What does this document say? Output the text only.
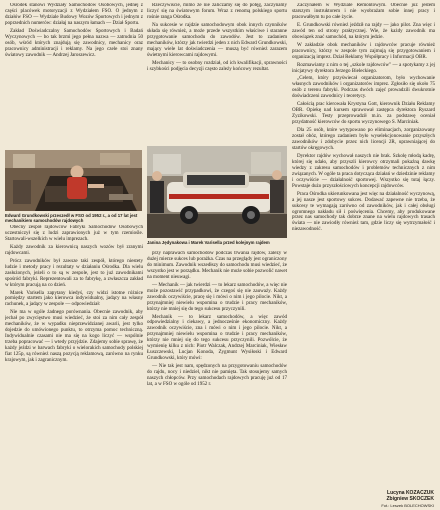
Ośrodek stanowi Wydziały Samochodów Osobowych, jednej z części placówek motoryzacji z Wydziałem FSO. O jednym z działów FSO — Wydziale Budowy Wozów Sportowych i jednym z poprzednich numerów: działaj na naszym łamach — Dział Sportu.

Zakład Doświadczalny Samochodów Sportowych i Badań Wyczynowych — bo tak brzmi jego pełna nazwa — zatrudnia 50 osób, wśród których znajdują się zawodnicy, mechanicy oraz pracownicy administracji i reklamy. Na jego czele stoi znany światowy zawodnik — Andrzej Jaroszewicz.

Edward Grundkowski przeszedł w FSO od 1952 r., a od 17 lat jest mechanikiem samochodów rajdowych

Obecny zespół rajdowców Fabryki Samochodów Osobowych uczestniczył się z ludzi zaprawionych już w tym rzemiośle. Startowali-wszelkich w wielu imprezach.

Każdy zawodnik za kierownicą naszych wozów był zranymi rajdowcami.

Prócz zawodników był zawsze taki zespół, którego niestety ludzie i metody pracy i rezultaty w działaniu Ośrodka. Dla wielu zasłużonych, jeżeli o to są w zespole, jest to już zawodnikami spośród fabryki. Reprezentowali za to fabrykę, a zwłaszcza zakład w którym pracują na co dzień.

Marek Varisella zapytany kiedyś, czy widzi istotne różnice pomiędzy startem jako kierowca indywidualny, jadący na własny rachunek, a jadący w zespole — odpowiedział:

Nie ma w ogóle żadnego porównania. Obecnie zawodnik, aby jechał po zwycięstwo musi wiedzieć, że stoi za nim cały zespół mechaników, że w wypadku nieprzewidzianej awarii, jest tylko dojedzie do umówionego punktu, to otrzyma pomoc techniczną. Indywidualnie czasami nie ma się na kogo liczyć — wspólnie trzeba popracować — i wtedy przyjdzie. Zdajemy sobie sprawę, że każdy jeździ w barwach fabryki o wielorakich samochody polskiej fiat 125p, są również naszą pozycją reklamową, zarówno na rynku krajowym, jak i zagranicznym.

Rzeczywiście, mimo że nie zaliczamy się do potęg, zaczynamy liczyć się na światowym forum. Wraz z renomą polskiego sportu rośnie ranga Ośrodka.

Na sukcesie w rajdzie samochodowym obok innych czynników składa się również, a może przede wszystkim właściwe i staranne przygotowanie samochodu do zawodów. Jest to zadaniem mechaników, którzy jak twierdzi jeden z nich Edward Grundkowski, mający wiele lat doświadczenia — muszą być również zarazem świetnymi kierowcami rajdowymi.

Mechanicy — to osobny rozdział, od ich kwalifikacji, sprawności i szybkości podjęcia decyzji często zależy końcowy rezultat.

Janina Jędynakowa i Marek Varisella przed kolejnym rajdem

przy naprawach samochodów podczas trwania rajdów, zależy w dużej mierze sukces lub porażka. Czas na przeglądy jest ograniczony do minimum. Zawodnik wszedłszy do samochodu musi wiedzieć, że wszystko jest w porządku. Mechanik nie może sobie pozwolić nawet na moment nieuwagi.

— Mechanik — jak twierdzi — to lekarz samochodów, a więc nie może pozostawić przypadkowi, że czegoś się nie zauważy. Każdy zawodnik oczywiście, pracę się i mówi o nim i jego pilocie. Nikt, a przynajmniej niewielu wspomina o trudzie i pracy mechaników, którzy nie mniej się do tego sukcesu przyczynili.

Mechanik — to lekarz samochodów, a więc zawód odpowiedzialny i ciekawy, a jednocześnie ekonomiczny. Każdy zawodnik oczywiście, zna i mówi o nim i jego pilocie. Nikt, a przynajmniej niewielu wspomina o trudzie i pracy mechaników, którzy nie mniej się do tego sukcesu przyczynili. Pozwólcie, że wymienię kilku z nich: Piotr Walczak, Andrzej Marciniak, Wiesław Łuszczewski, Lucjan Konoda, Zygmunt Wysiłoski i Edward Grundkowski, który mówi:

— Nie tak jest nam, spędzonych na przygotowaniu samochodów do rajdu, nocy i niedziel, nikt nie pamięta. Tak stosujemy samych naszych chłopców. Przy samochodach rajdowych pracuję już od 17 lat, a w FSO w ogóle od 1952 r.

Zaczynałem w Wydziale Remontowym. Obecnie już jestem starszym instruktorem i nie wyobrażam sobie innej pracy i pracowałbym tu po całe życie.

E. Grundkowski również jeździł na rajdy — jako pilot. Zna więc i zawód ten od strony praktycznej. Wie, że każdy zawodnik ma obowiązek znać samochód, na którym jedzie.

W zakładzie obok mechaników i rajdowców pracuje również pracownicy, którzy w zespole tym zajmują się przygotowaniem i organizacją imprez. Dział Reklamy Współpracy i Informacji OBR.

Rozmawiamy z nim o tej „szkole rajdowców" — a spotykamy z jej inicjatywy dyrektora Jerzego Bieleckiego.

„Celem, który przyświecał organizatorom, było wychowanie własnych zawodników i organizatorów imprez. Zgłosiło się około 75 osób z terenu fabryki. Podczas dwóch zajęć prowadzili dwukrotnie doświadczeni zawodnicy i teoretycy.

Całością prac kierowała Krystyna Gott, kierownik Działu Reklamy OBR. Opiekę nad kursem sprawował zastępca dyrektora Ryszard Zyzikowski. Testy przeprowadził m.in. za podstawę oceniał przydatność kierowców do sportu wyczynowego S. Marciniak.

Dla 25 osób, które wytypowano po eliminacjach, zorganizowany został obóz, którego zadaniem było wyselekcjonowanie przyszłych zawodników i zdobycie przez nich licencji 2R, uprawniającej do startów okręgowych.

Dyrektor rajdów wychował naszych nie brak. Szkolę młodą kadrę, której się udało, aby przyszli kierowcy otrzymali pokaźną dawkę wiedzy z zakresu samochodów i problemów technicznych z nim związanych. W ogóle ta praca dotycząca działań w dziedzinie reklamy i oczywiście — działalność sportowej. Wszystko się tutaj łączy. Powstaje dużo przyszłościowych koncepcji rajdowców.

Praca Ośrodka ukierunkowana jest więc na działalność wyczynową, a jej nasze jest sportowy sukces. Dodawać zapewne nie trzeba, że sukcesy te wymagają zarówno od zawodników, jak i całej obsługi ogromnego nakładu sił i poświęcenia. Chcemy, aby produkowane przez nas samochody tak dobrze znane na wielu rajdowych trasach świata — nie zawiodły również tam, gdzie liczy się wytrzymałość i niezawodność.

Lucyna KOZACZUK
Zbigniew SKOCZEK
Fot.: Leszek BOLECHOWSKI
